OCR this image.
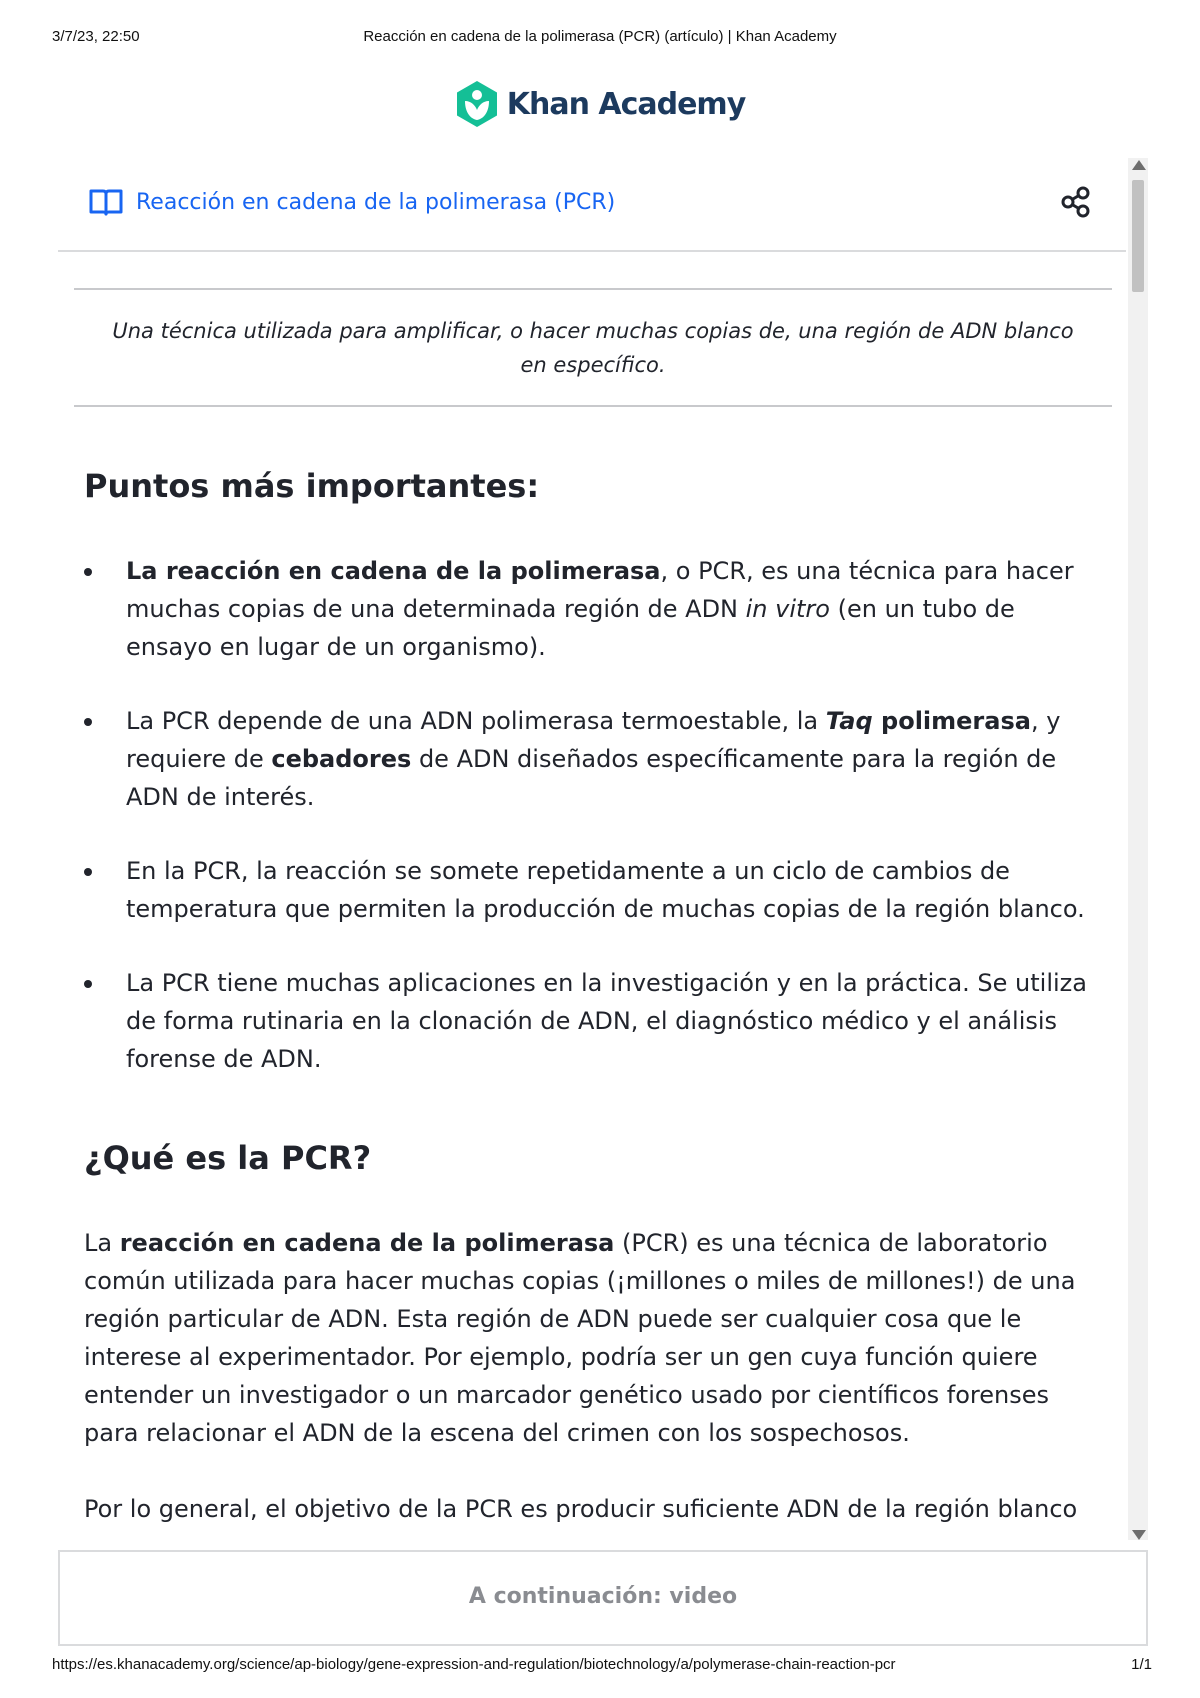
3/7/23, 22:50	Reacción en cadena de la polimerasa (PCR) (artículo) | Khan Academy
Khan Academy
Reacción en cadena de la polimerasa (PCR)
Una técnica utilizada para amplificar, o hacer muchas copias de, una región de ADN blanco en específico.
Puntos más importantes:
La reacción en cadena de la polimerasa, o PCR, es una técnica para hacer muchas copias de una determinada región de ADN in vitro (en un tubo de ensayo en lugar de un organismo).
La PCR depende de una ADN polimerasa termoestable, la Taq polimerasa, y requiere de cebadores de ADN diseñados específicamente para la región de ADN de interés.
En la PCR, la reacción se somete repetidamente a un ciclo de cambios de temperatura que permiten la producción de muchas copias de la región blanco.
La PCR tiene muchas aplicaciones en la investigación y en la práctica. Se utiliza de forma rutinaria en la clonación de ADN, el diagnóstico médico y el análisis forense de ADN.
¿Qué es la PCR?

La reacción en cadena de la polimerasa (PCR) es una técnica de laboratorio común utilizada para hacer muchas copias (¡millones o miles de millones!) de una región particular de ADN. Esta región de ADN puede ser cualquier cosa que le interese al experimentador. Por ejemplo, podría ser un gen cuya función quiere entender un investigador o un marcador genético usado por científicos forenses para relacionar el ADN de la escena del crimen con los sospechosos.

Por lo general, el objetivo de la PCR es producir suficiente ADN de la región blanco

A continuación: video
https://es.khanacademy.org/science/ap-biology/gene-expression-and-regulation/biotechnology/a/polymerase-chain-reaction-pcr	1/1
